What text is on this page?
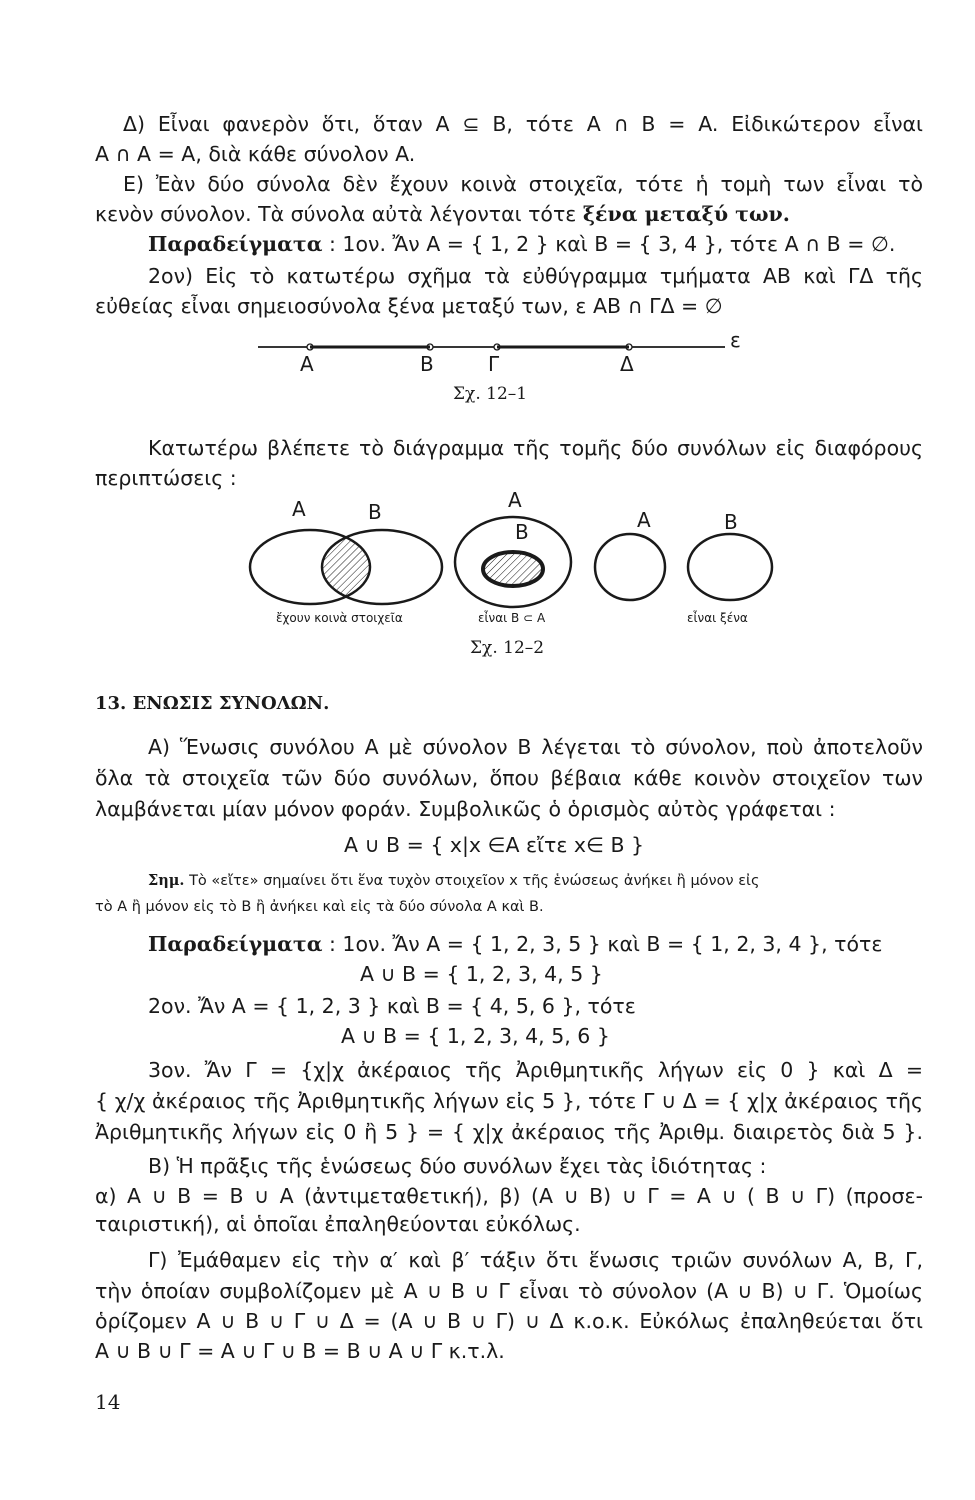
Δ) Εἶναι φανερὸν ὅτι, ὅταν A ⊆ B, τότε A ∩ B = A. Εἰδικώτερον εἶναι
A ∩ A = A, διὰ κάθε σύνολον A.
E) Ἐὰν δύο σύνολα δὲν ἔχουν κοινὰ στοιχεῖα, τότε ἡ τομὴ των εἶναι τὸ
κενὸν σύνολον. Τὰ σύνολα αὐτὰ λέγονται τότε ξένα μεταξύ των.
Παραδείγματα : 1ον. Ἄν A = { 1, 2 } καὶ B = { 3, 4 }, τότε A ∩ B = ∅.
2ον) Εἰς τὸ κατωτέρω σχῆμα τὰ εὐθύγραμμα τμήματα AB καὶ ΓΔ τῆς
εὐθείας εἶναι σημειοσύνολα ξένα μεταξύ των, ε AB ∩ ΓΔ = ∅
A	B	Γ	Δ
ε
Σχ. 12–1
Κατωτέρω βλέπετε τὸ διάγραμμα τῆς τομῆς δύο συνόλων εἰς διαφόρους
περιπτώσεις :
A	B	A
B	A	B
ἔχουν κοινὰ στοιχεῖα	εἶναι B ⊂ A	εἶναι ξένα
Σχ. 12–2
13. ΕΝΩΣΙΣ ΣΥΝΟΛΩΝ.
A) Ἕνωσις συνόλου A μὲ σύνολον B λέγεται τὸ σύνολον, ποὺ ἀποτελοῦν
ὅλα τὰ στοιχεῖα τῶν δύο συνόλων, ὅπου βέβαια κάθε κοινὸν στοιχεῖον των
λαμβάνεται μίαν μόνον φοράν. Συμβολικῶς ὁ ὁρισμὸς αὐτὸς γράφεται :
A ∪ B = { x|x ∈A εἴτε x∈ B }
Σημ. Τὸ «εἴτε» σημαίνει ὅτι ἕνα τυχὸν στοιχεῖον x τῆς ἑνώσεως ἀνήκει ἢ μόνον εἰς
τὸ A ἢ μόνον εἰς τὸ B ἢ ἀνήκει καὶ εἰς τὰ δύο σύνολα A καὶ B.
Παραδείγματα : 1ον. Ἄν A = { 1, 2, 3, 5 } καὶ B = { 1, 2, 3, 4 }, τότε
A ∪ B = { 1, 2, 3, 4, 5 }
2ον. Ἄν A = { 1, 2, 3 } καὶ B = { 4, 5, 6 }, τότε
A ∪ B = { 1, 2, 3, 4, 5, 6 }
3ον. Ἄν Γ = {χ|χ ἀκέραιος τῆς Ἀριθμητικῆς λήγων εἰς 0 } καὶ Δ =
{ χ/χ ἀκέραιος τῆς Ἀριθμητικῆς λήγων εἰς 5 }, τότε Γ ∪ Δ = { χ|χ ἀκέραιος τῆς
Ἀριθμητικῆς λήγων εἰς 0 ἢ 5 } = { χ|χ ἀκέραιος τῆς Ἀριθμ. διαιρετὸς διὰ 5 }.
B) Ἡ πρᾶξις τῆς ἑνώσεως δύο συνόλων ἔχει τὰς ἰδιότητας :
α) A ∪ B = B ∪ A (ἀντιμεταθετική), β) (A ∪ B) ∪ Γ = A ∪ ( B ∪ Γ) (προσε-
ταιριστική), αἱ ὁποῖαι ἐπαληθεύονται εὐκόλως.
Γ) Ἐμάθαμεν εἰς τὴν α′ καὶ β′ τάξιν ὅτι ἕνωσις τριῶν συνόλων A, B, Γ,
τὴν ὁποίαν συμβολίζομεν μὲ A ∪ B ∪ Γ εἶναι τὸ σύνολον (A ∪ B) ∪ Γ. Ὁμοίως
ὁρίζομεν A ∪ B ∪ Γ ∪ Δ = (A ∪ B ∪ Γ) ∪ Δ κ.ο.κ. Εὐκόλως ἐπαληθεύεται ὅτι
A ∪ B ∪ Γ = A ∪ Γ ∪ B = B ∪ A ∪ Γ κ.τ.λ.
14
